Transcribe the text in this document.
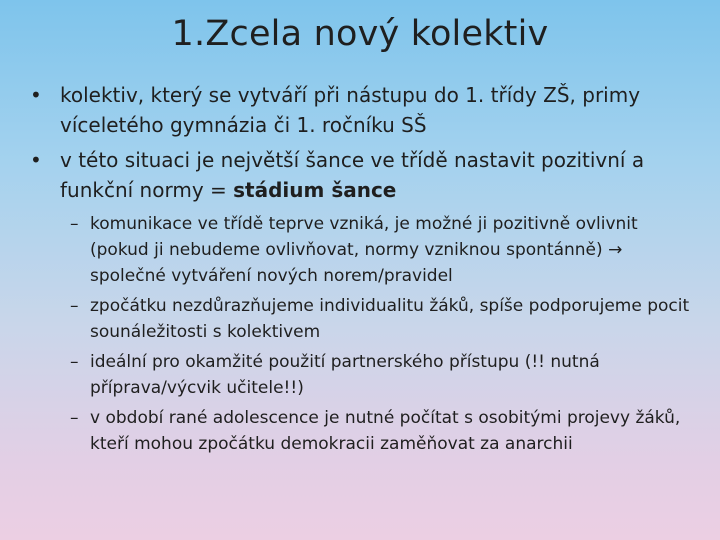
1.Zcela nový kolektiv

• kolektiv, který se vytváří při nástupu do 1. třídy ZŠ, primy víceletého gymnázia či 1. ročníku SŠ

• v této situaci je největší šance ve třídě nastavit pozitivní a funkční normy = stádium šance

– komunikace ve třídě teprve vzniká, je možné ji pozitivně ovlivnit (pokud ji nebudeme ovlivňovat, normy vzniknou spontánně) → společné vytváření nových norem/pravidel

– zpočátku nezdůrazňujeme individualitu žáků, spíše podporujeme pocit sounáležitosti s kolektivem

– ideální pro okamžité použití partnerského přístupu (!! nutná příprava/výcvik učitele!!)

– v období rané adolescence je nutné počítat s osobitými projevy žáků, kteří mohou zpočátku demokracii zaměňovat za anarchii
